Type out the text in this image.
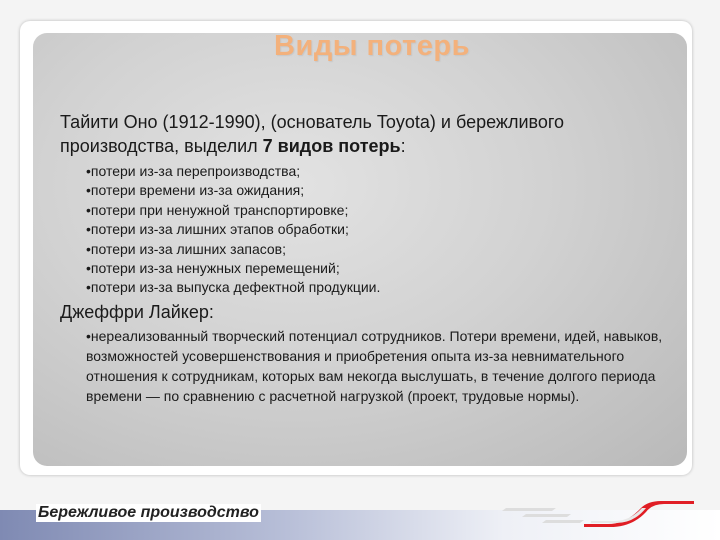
Виды потерь

Тайити Оно (1912-1990), (основатель Toyota) и бережливого
производства, выделил 7 видов потерь:

•потери из-за перепроизводства;
•потери времени из-за ожидания;
•потери при ненужной транспортировке;
•потери из-за лишних этапов обработки;
•потери из-за лишних запасов;
•потери из-за ненужных перемещений;
•потери из-за выпуска дефектной продукции.

Джеффри Лайкер:

•нереализованный творческий потенциал сотрудников. Потери времени, идей, навыков, возможностей усовершенствования и приобретения опыта из-за невнимательного отношения к сотрудникам, которых вам некогда выслушать, в течение долгого периода времени — по сравнению с расчетной нагрузкой (проект, трудовые нормы).

Бережливое производство
